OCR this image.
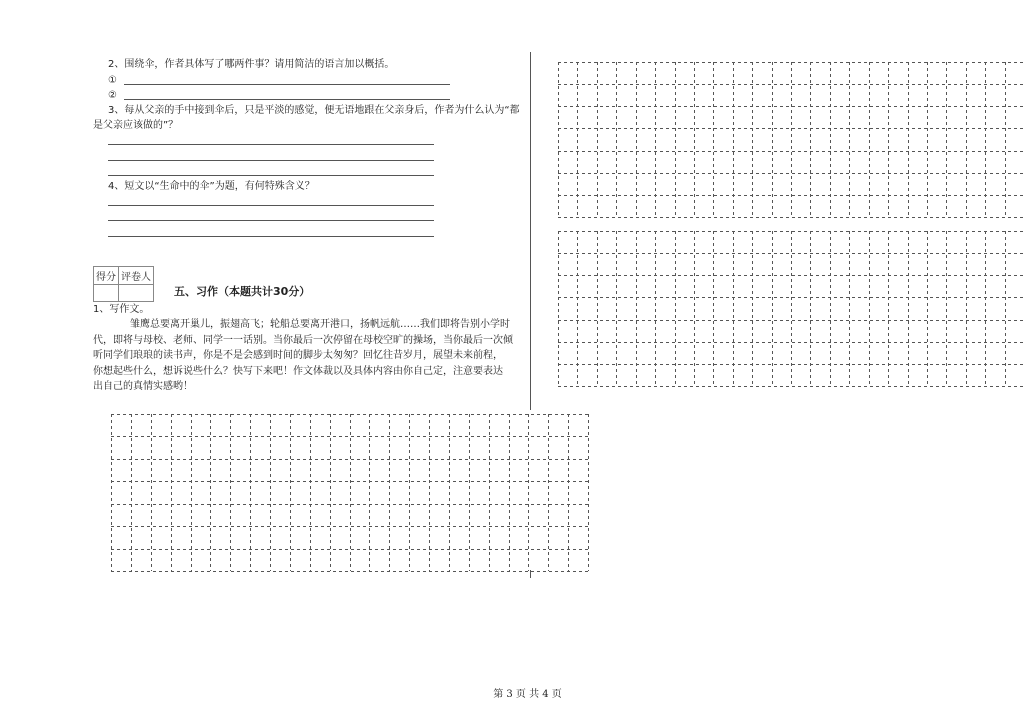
2、围绕伞，作者具体写了哪两件事？请用简洁的语言加以概括。
①
②
3、每从父亲的手中接到伞后，只是平淡的感觉，便无语地跟在父亲身后，作者为什么认为“都
是父亲应该做的”？
4、短文以“生命中的伞”为题，有何特殊含义？
得分	评卷人

五、习作（本题共计30分）
1、写作文。
雏鹰总要离开巢儿，振翅高飞；轮船总要离开港口，扬帆远航……我们即将告别小学时
代，即将与母校、老师、同学一一话别。当你最后一次停留在母校空旷的操场，当你最后一次倾
听同学们琅琅的读书声，你是不是会感到时间的脚步太匆匆？回忆往昔岁月，展望未来前程，
你想起些什么，想诉说些什么？快写下来吧！作文体裁以及具体内容由你自己定，注意要表达
出自己的真情实感哟！
第 3 页 共 4 页
